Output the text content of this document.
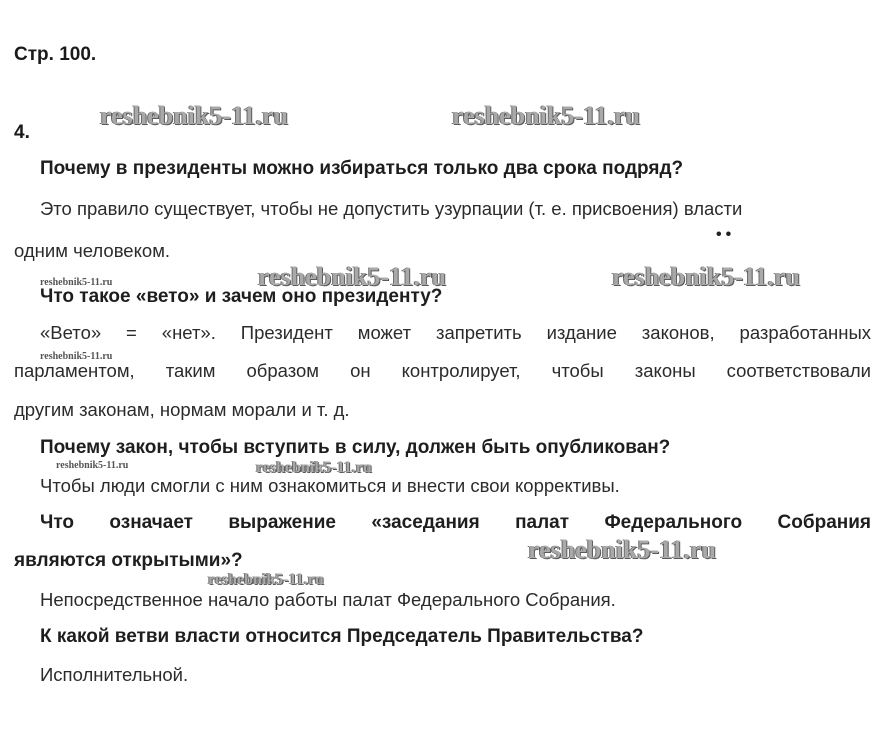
Стр. 100.
4.
Почему в президенты можно избираться только два срока подряд?
Это правило существует, чтобы не допустить узурпации (т. е. присвоения) власти
одним человеком.
Что такое «вето» и зачем оно президенту?
«Вето» = «нет». Президент может запретить издание законов, разработанных
парламентом, таким образом он контролирует, чтобы законы соответствовали
другим законам, нормам морали и т. д.
Почему закон, чтобы вступить в силу, должен быть опубликован?
Чтобы люди смогли с ним ознакомиться и внести свои коррективы.
Что означает выражение «заседания палат Федерального Собрания
являются открытыми»?
Непосредственное начало работы палат Федерального Собрания.
К какой ветви власти относится Председатель Правительства?
Исполнительной.
••
reshebnik5-11.ru	reshebnik5-11.ru
reshebnik5-11.ru	reshebnik5-11.ru
reshebnik5-11.ru
reshebnik5-11.ru
reshebnik5-11.ru
reshebnik5-11.ru
reshebnik5-11.ru
reshebnik5-11.ru
